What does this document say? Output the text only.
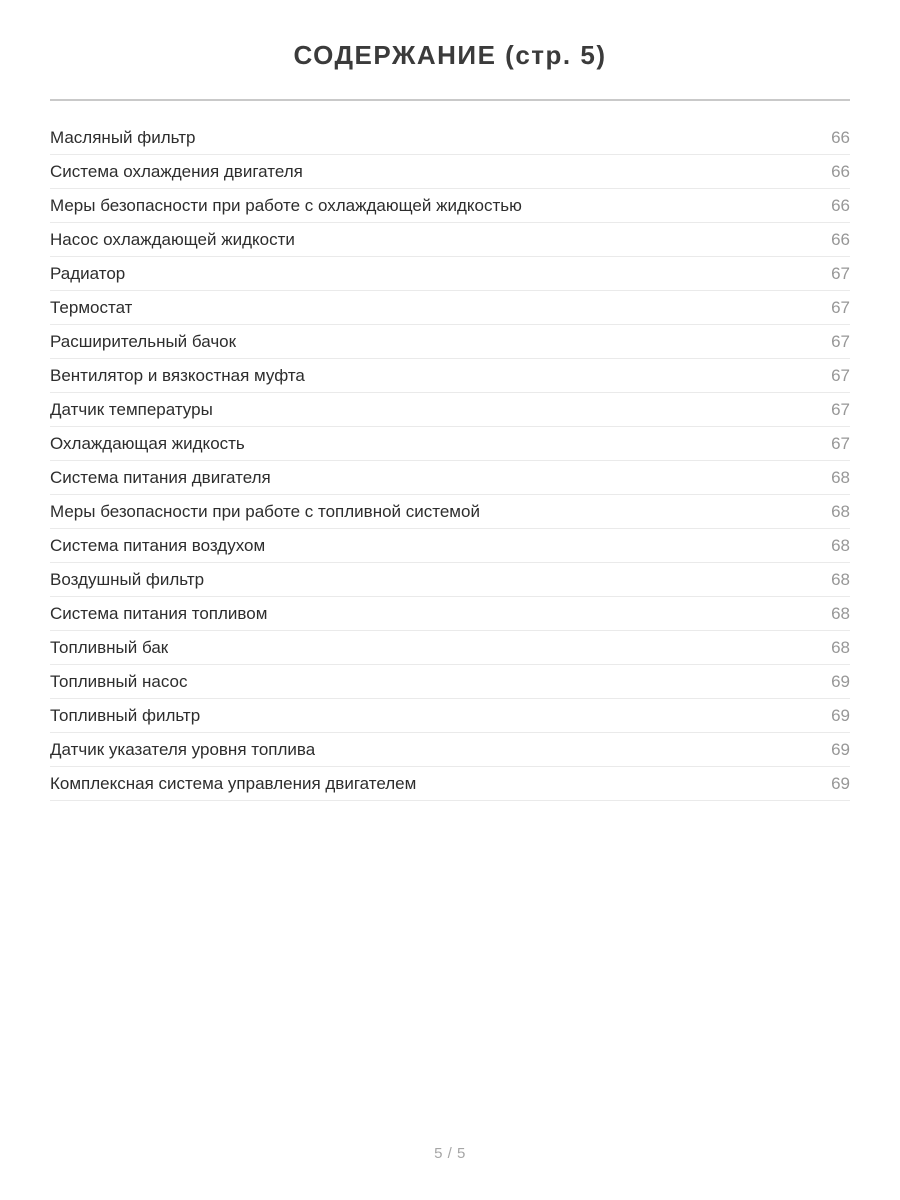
СОДЕРЖАНИЕ (стр. 5)
Масляный фильтр	66
Система охлаждения двигателя	66
Меры безопасности при работе с охлаждающей жидкостью	66
Насос охлаждающей жидкости	66
Радиатор	67
Термостат	67
Расширительный бачок	67
Вентилятор и вязкостная муфта	67
Датчик температуры	67
Охлаждающая жидкость	67
Система питания двигателя	68
Меры безопасности при работе с топливной системой	68
Система питания воздухом	68
Воздушный фильтр	68
Система питания топливом	68
Топливный бак	68
Топливный насос	69
Топливный фильтр	69
Датчик указателя уровня топлива	69
Комплексная система управления двигателем	69
5 / 5
